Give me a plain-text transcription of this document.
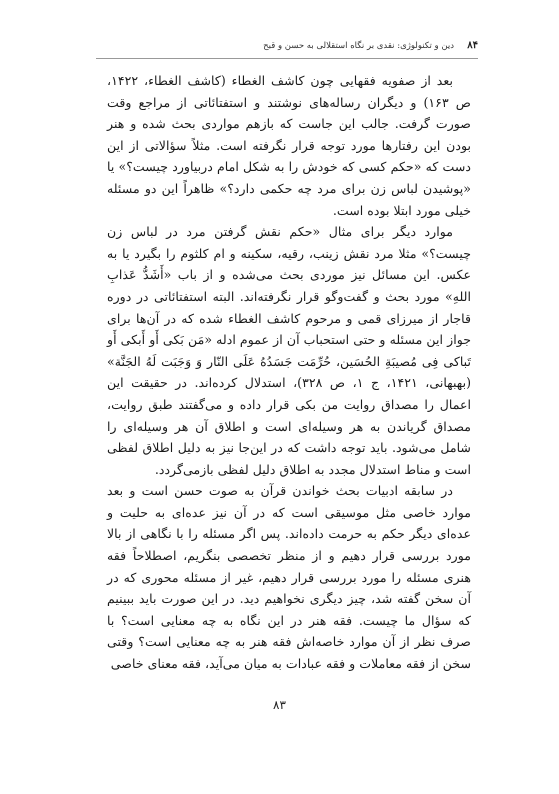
۸۴
دین و تکنولوژی: نقدی بر نگاه استقلالی به حسن و قبح

بعد از صفویه فقهایی چون کاشف الغطاء (کاشف الغطاء، ۱۴۲۲، ص ۱۶۳) و دیگران رساله‌های نوشتند و استفتائاتی از مراجع وقت صورت گرفت. جالب این جاست که بازهم مواردی بحث شده و هنر بودن این رفتارها مورد توجه قرار نگرفته است. مثلاً سؤالاتی از این دست که «حکم کسی که خودش را به شکل امام دربیاورد چیست؟» یا «پوشیدن لباس زن برای مرد چه حکمی دارد؟» ظاهراً این دو مسئله خیلی مورد ابتلا بوده است.

موارد دیگر برای مثال «حکم نقش گرفتن مرد در لباس زن چیست؟» مثلا مرد نقش زینب، رقیه، سکینه و ام کلثوم را بگیرد یا به عکس. این مسائل نیز موردی بحث می‌شده و از باب «أَشَدُّ عَذابِ اللهِ» مورد بحث و گفت‌وگو قرار نگرفته‌اند. البته استفتائاتی در دوره قاجار از میرزای قمی و مرحوم کاشف الغطاء شده که در آن‌ها برای جواز این مسئله و حتی استحباب آن از عموم ادله «مَن بَکی أَو أَبکی أَو تَباکی فِی مُصیبَةِ الحُسَین، حُرِّمَت جَسَدُهُ عَلَی النّار وَ وَجَبَت لَهُ الجَنَّة» (بهبهانی، ۱۴۲۱، ج ۱، ص ۳۲۸)، استدلال کرده‌اند. در حقیقت این اعمال را مصداق روایت من بکی قرار داده و می‌گفتند طبق روایت، مصداق گریاندن به هر وسیله‌ای است و اطلاق آن هر وسیله‌ای را شامل می‌شود. باید توجه داشت که در این‌جا نیز به دلیل اطلاق لفظی است و مناط استدلال مجدد به اطلاق دلیل لفظی بازمی‌گردد.

در سابقه ادبیات بحث خواندن قرآن به صوت حسن است و بعد موارد خاصی مثل موسیقی است که در آن نیز عده‌ای به حلیت و عده‌ای دیگر حکم به حرمت داده‌اند. پس اگر مسئله را با نگاهی از بالا مورد بررسی قرار دهیم و از منظر تخصصی بنگریم، اصطلاحاً فقه هنری مسئله را مورد بررسی قرار دهیم، غیر از مسئله محوری که در آن سخن گفته شد، چیز دیگری نخواهیم دید. در این صورت باید ببینیم که سؤال ما چیست. فقه هنر در این نگاه به چه معنایی است؟ با صرف نظر از آن موارد خاصه‌اش فقه هنر به چه معنایی است؟ وقتی سخن از فقه معاملات و فقه عبادات به میان می‌آید، فقه معنای خاصی

۸۳
